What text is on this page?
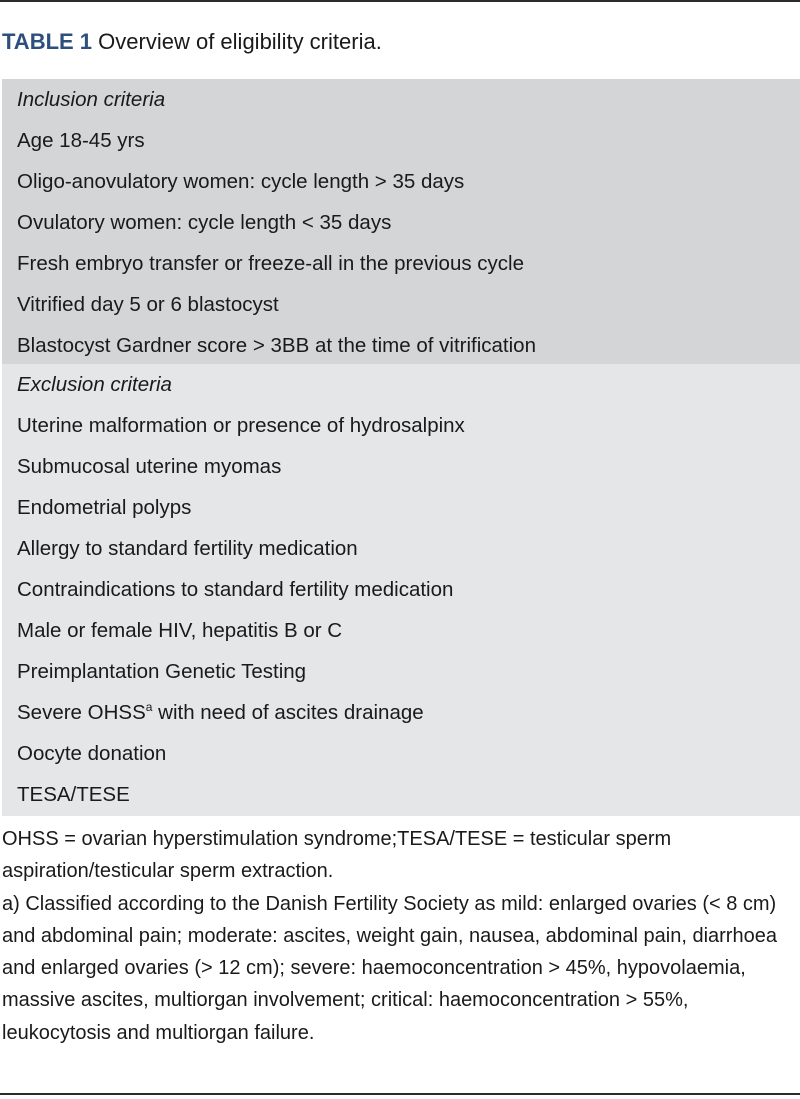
TABLE 1 Overview of eligibility criteria.
Inclusion criteria
Age 18-45 yrs
Oligo-anovulatory women: cycle length > 35 days
Ovulatory women: cycle length < 35 days
Fresh embryo transfer or freeze-all in the previous cycle
Vitrified day 5 or 6 blastocyst
Blastocyst Gardner score > 3BB at the time of vitrification
Exclusion criteria
Uterine malformation or presence of hydrosalpinx
Submucosal uterine myomas
Endometrial polyps
Allergy to standard fertility medication
Contraindications to standard fertility medication
Male or female HIV, hepatitis B or C
Preimplantation Genetic Testing
Severe OHSS$^a$ with need of ascites drainage
Oocyte donation
TESA/TESE

OHSS = ovarian hyperstimulation syndrome;TESA/TESE = testicular sperm aspiration/testicular sperm extraction.

a) Classified according to the Danish Fertility Society as mild: enlarged ovaries (< 8 cm) and abdominal pain; moderate: ascites, weight gain, nausea, abdominal pain, diarrhoea and enlarged ovaries (> 12 cm); severe: haemoconcentration > 45%, hypovolaemia, massive ascites, multiorgan involvement; critical: haemoconcentration > 55%, leukocytosis and multiorgan failure.
